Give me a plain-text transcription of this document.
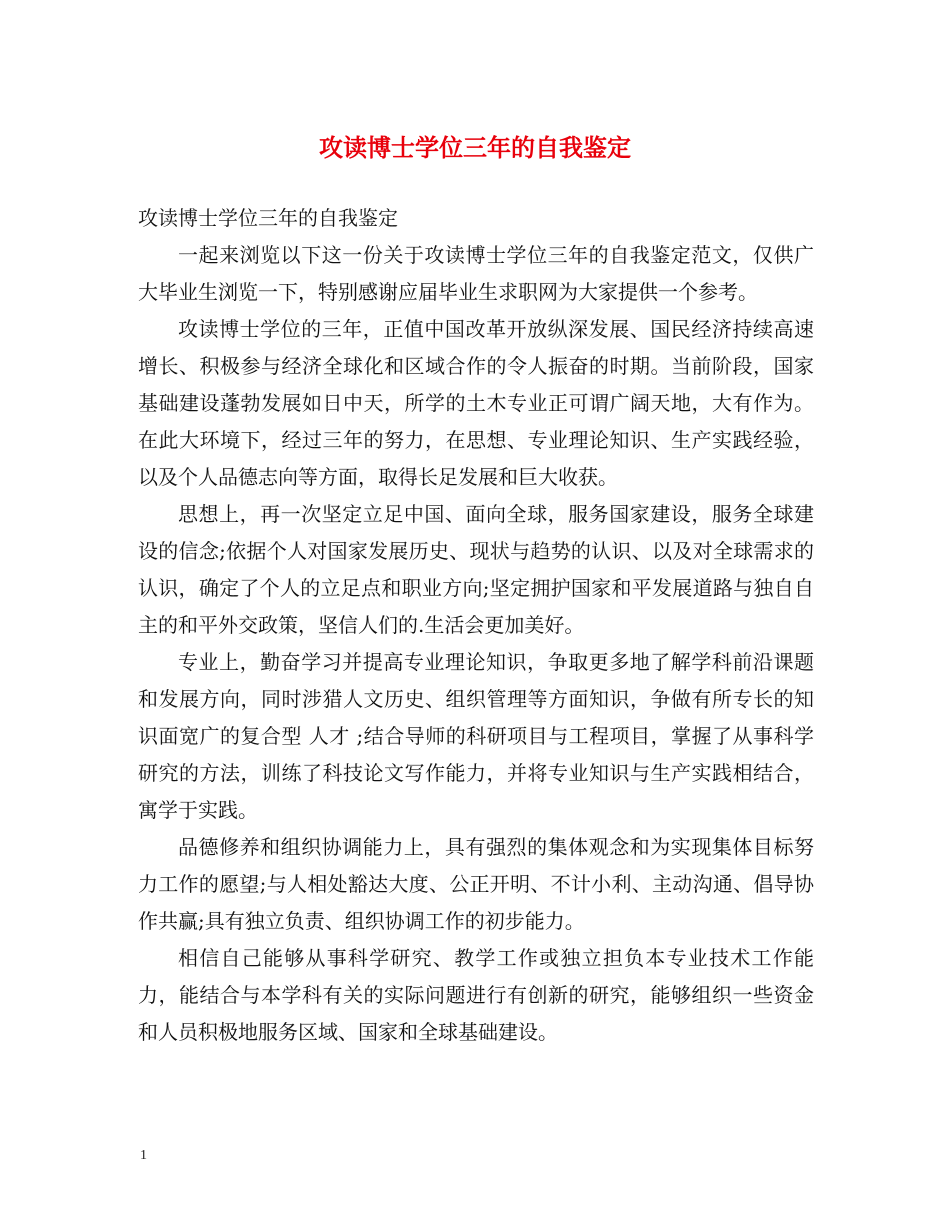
攻读博士学位三年的自我鉴定

攻读博士学位三年的自我鉴定

一起来浏览以下这一份关于攻读博士学位三年的自我鉴定范文，仅供广大毕业生浏览一下，特别感谢应届毕业生求职网为大家提供一个参考。

攻读博士学位的三年，正值中国改革开放纵深发展、国民经济持续高速增长、积极参与经济全球化和区域合作的令人振奋的时期。当前阶段，国家基础建设蓬勃发展如日中天，所学的土木专业正可谓广阔天地，大有作为。在此大环境下，经过三年的努力，在思想、专业理论知识、生产实践经验，以及个人品德志向等方面，取得长足发展和巨大收获。

思想上，再一次坚定立足中国、面向全球，服务国家建设，服务全球建设的信念;依据个人对国家发展历史、现状与趋势的认识、以及对全球需求的认识，确定了个人的立足点和职业方向;坚定拥护国家和平发展道路与独自自主的和平外交政策，坚信人们的.生活会更加美好。

专业上，勤奋学习并提高专业理论知识，争取更多地了解学科前沿课题和发展方向，同时涉猎人文历史、组织管理等方面知识，争做有所专长的知识面宽广的复合型 人才 ;结合导师的科研项目与工程项目，掌握了从事科学研究的方法，训练了科技论文写作能力，并将专业知识与生产实践相结合，寓学于实践。

品德修养和组织协调能力上，具有强烈的集体观念和为实现集体目标努力工作的愿望;与人相处豁达大度、公正开明、不计小利、主动沟通、倡导协作共赢;具有独立负责、组织协调工作的初步能力。

相信自己能够从事科学研究、教学工作或独立担负本专业技术工作能力，能结合与本学科有关的实际问题进行有创新的研究，能够组织一些资金和人员积极地服务区域、国家和全球基础建设。

1
